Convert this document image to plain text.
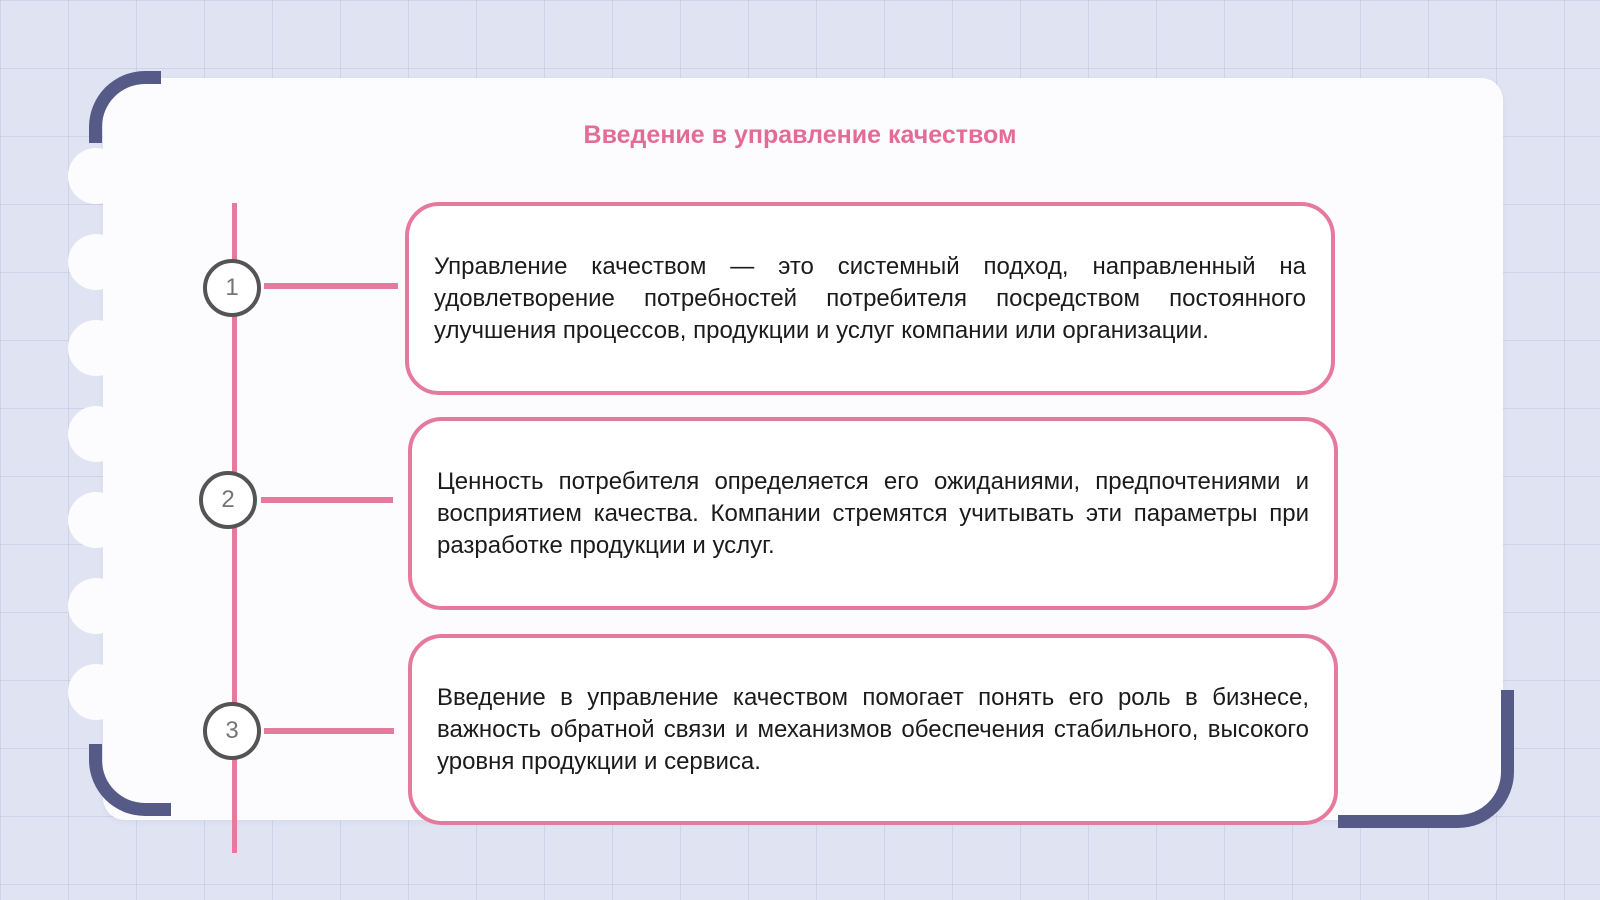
Введение в управление качеством
1
2
3

Управление качеством — это системный подход, направленный на удовлетворение потребностей потребителя посредством постоянного улучшения процессов, продукции и услуг компании или организации.

Ценность потребителя определяется его ожиданиями, предпочтениями и восприятием качества. Компании стремятся учитывать эти параметры при разработке продукции и услуг.

Введение в управление качеством помогает понять его роль в бизнесе, важность обратной связи и механизмов обеспечения стабильного, высокого уровня продукции и сервиса.
